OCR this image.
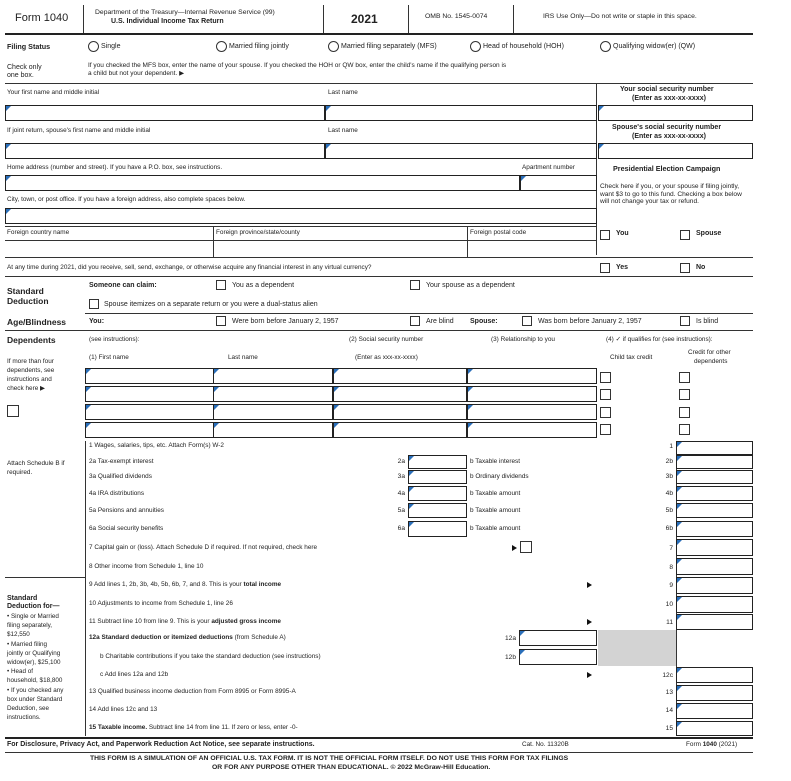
Form 1040	Department of the Treasury—Internal Revenue Service (99)
U.S. Individual Income Tax Return	2021	OMB No. 1545-0074	IRS Use Only—Do not write or staple in this space.
Filing Status	Single	Married filing jointly	Married filing separately (MFS)	Head of household (HOH)	Qualifying widow(er) (QW)
Check only
one box.
If you checked the MFS box, enter the name of your spouse. If you checked the HOH or QW box, enter the child's name if the qualifying person is
a child but not your dependent. ▶
Your first name and middle initial	Last name	Your social security number
(Enter as xxx-xx-xxxx)
If joint return, spouse's first name and middle initial	Last name	Spouse's social security number
(Enter as xxx-xx-xxxx)
Home address (number and street). If you have a P.O. box, see instructions.	Apartment number	Presidential Election Campaign
Check here if you, or your spouse if filing jointly, want $3 to go to this fund. Checking a box below will not change your tax or refund.
City, town, or post office. If you have a foreign address, also complete spaces below.
Foreign country name	Foreign province/state/county	Foreign postal code	You	Spouse
At any time during 2021, did you receive, sell, send, exchange, or otherwise acquire any financial interest in any virtual currency?	Yes	No
Standard
Deduction
Someone can claim:	You as a dependent	Your spouse as a dependent
Spouse itemizes on a separate return or you were a dual-status alien
Age/Blindness	You:	Were born before January 2, 1957	Are blind Spouse:	Was born before January 2, 1957	Is blind
Dependents	(see instructions):	(2) Social security number
(Enter as xxx-xx-xxxx)
(3) Relationship to you	(4) ✓ if qualifies for (see instructions):
(1) First name	Last name	Child tax credit
Credit for other
dependents
If more than four
dependents, see
instructions and
check here ▶
Attach Schedule B if
required.
1 Wages, salaries, tips, etc. Attach Form(s) W-2	1
2a Tax-exempt interest	2a	b Taxable interest	2b
3a Qualified dividends	3a	b Ordinary dividends	3b
4a IRA distributions	4a	b Taxable amount	4b
5a Pensions and annuities	5a	b Taxable amount	5b
6a Social security benefits	6a	b Taxable amount	6b
7 Capital gain or (loss). Attach Schedule D if required. If not required, check here	7
8 Other income from Schedule 1, line 10	8
9 Add lines 1, 2b, 3b, 4b, 5b, 6b, 7, and 8. This is your total income	9
10 Adjustments to income from Schedule 1, line 26	10
11 Subtract line 10 from line 9. This is your adjusted gross income	11
12a Standard deduction or itemized deductions (from Schedule A)	12a
b Charitable contributions if you take the standard deduction (see instructions)	12b
c Add lines 12a and 12b	12c
13 Qualified business income deduction from Form 8995 or Form 8995-A	13
14 Add lines 12c and 13	14
15 Taxable income. Subtract line 14 from line 11. If zero or less, enter -0-	15
Standard
Deduction for—
• Single or Married
filing separately,
$12,550
• Married filing
jointly or Qualifying
widow(er), $25,100
• Head of
household, $18,800
• If you checked any
box under Standard
Deduction, see
instructions.
For Disclosure, Privacy Act, and Paperwork Reduction Act Notice, see separate instructions.	Cat. No. 11320B	Form 1040 (2021)
THIS FORM IS A SIMULATION OF AN OFFICIAL U.S. TAX FORM. IT IS NOT THE OFFICIAL FORM ITSELF. DO NOT USE THIS FORM FOR TAX FILINGS
OR FOR ANY PURPOSE OTHER THAN EDUCATIONAL. © 2022 McGraw-Hill Education.
